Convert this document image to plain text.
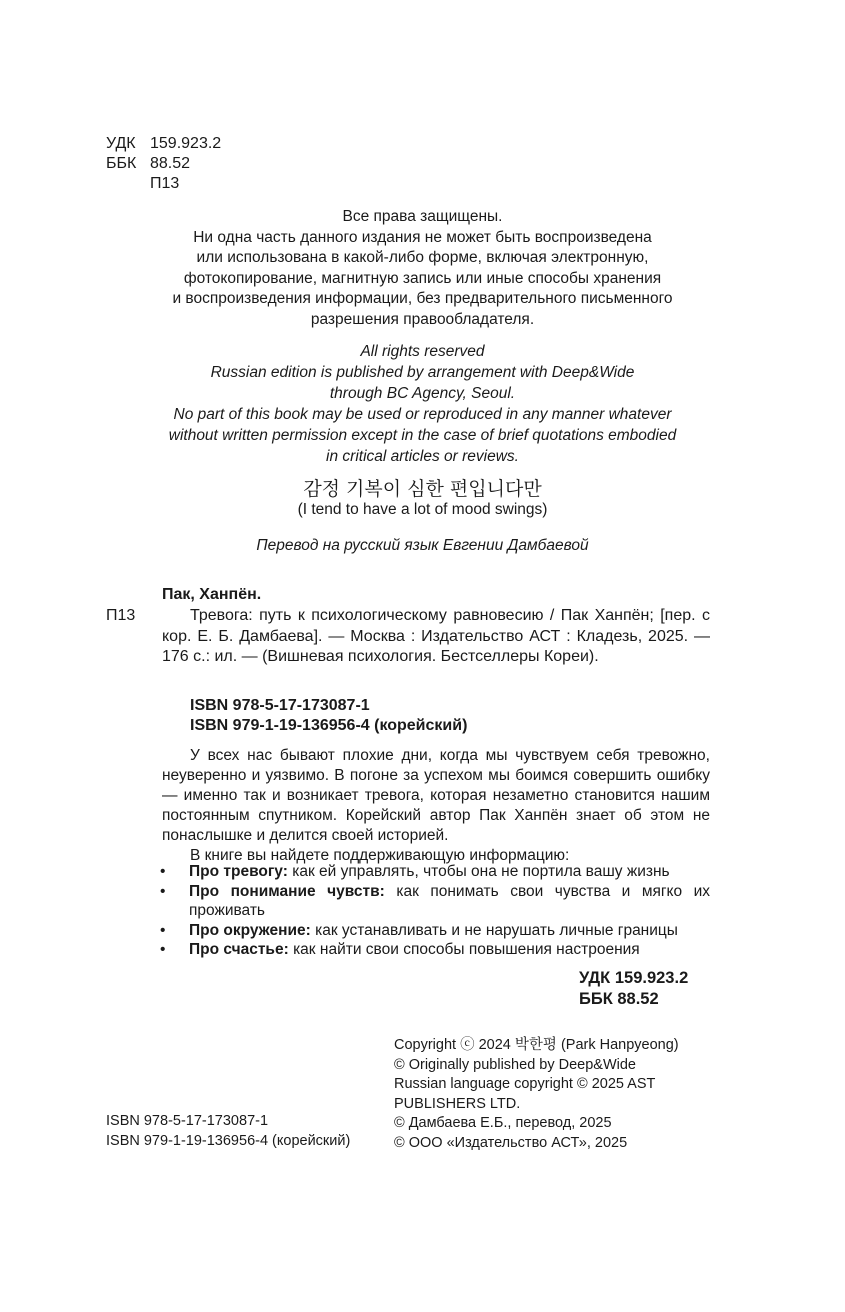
УДК 159.923.2
ББК 88.52
П13
Все права защищены.
Ни одна часть данного издания не может быть воспроизведена
или использована в какой-либо форме, включая электронную,
фотокопирование, магнитную запись или иные способы хранения
и воспроизведения информации, без предварительного письменного
разрешения правообладателя.
All rights reserved
Russian edition is published by arrangement with Deep&Wide
through BC Agency, Seoul.
No part of this book may be used or reproduced in any manner whatever
without written permission except in the case of brief quotations embodied
in critical articles or reviews.
감정 기복이 심한 편입니다만
(I tend to have a lot of mood swings)
Перевод на русский язык Евгении Дамбаевой
Пак, Ханпён.
П13	Тревога: путь к психологическому равновесию / Пак Ханпён; [пер. с кор. Е. Б. Дамбаева]. — Москва : Издательство АСТ : Кладезь, 2025. — 176 с.: ил. — (Вишневая психология. Бестселлеры Кореи).
ISBN 978-5-17-173087-1
ISBN 979-1-19-136956-4 (корейский)
У всех нас бывают плохие дни, когда мы чувствуем себя тревожно, неуверенно и уязвимо. В погоне за успехом мы боимся совершить ошибку — именно так и возникает тревога, которая незаметно становится нашим постоянным спутником. Корейский автор Пак Ханпён знает об этом не понаслышке и делится своей историей.
В книге вы найдете поддерживающую информацию:
•	Про тревогу: как ей управлять, чтобы она не портила вашу жизнь
•	Про понимание чувств: как понимать свои чувства и мягко их проживать
•	Про окружение: как устанавливать и не нарушать личные границы
•	Про счастье: как найти свои способы повышения настроения
УДК 159.923.2
ББК 88.52
Copyright ⓒ 2024 박한평 (Park Hanpyeong)
© Originally published by Deep&Wide
Russian language copyright © 2025 AST
PUBLISHERS LTD.
© Дамбаева Е.Б., перевод, 2025
© ООО «Издательство АСТ», 2025
ISBN 978-5-17-173087-1
ISBN 979-1-19-136956-4 (корейский)
